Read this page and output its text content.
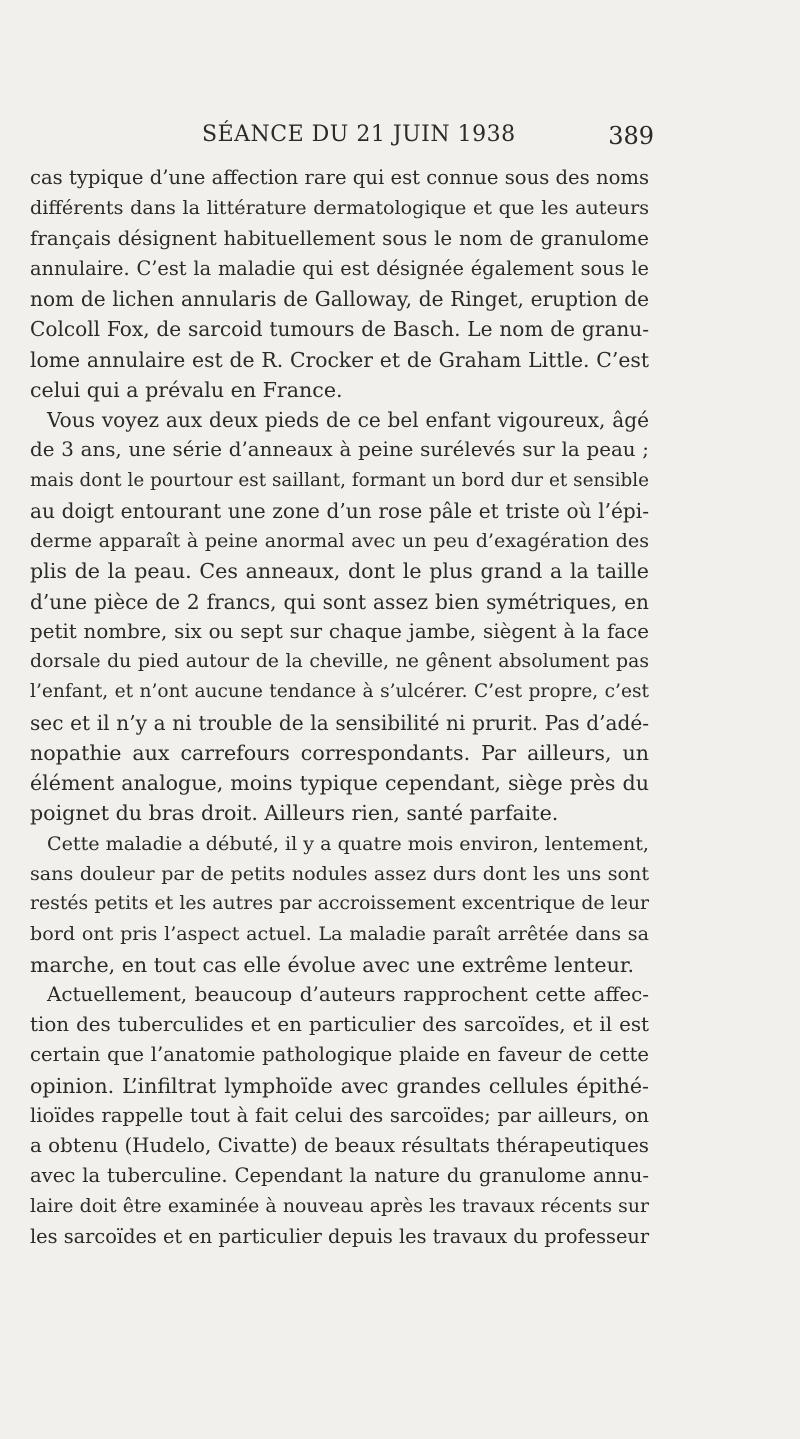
SÉANCE DU 21 JUIN 1938	389
cas typique d’une affection rare qui est connue sous des noms
différents dans la littérature dermatologique et que les auteurs
français désignent habituellement sous le nom de granulome
annulaire. C’est la maladie qui est désignée également sous le
nom de lichen annularis de Galloway, de Ringet, eruption de
Colcoll Fox, de sarcoid tumours de Basch. Le nom de granu-
lome annulaire est de R. Crocker et de Graham Little. C’est
celui qui a prévalu en France.
Vous voyez aux deux pieds de ce bel enfant vigoureux, âgé
de 3 ans, une série d’anneaux à peine surélevés sur la peau ;
mais dont le pourtour est saillant, formant un bord dur et sensible
au doigt entourant une zone d’un rose pâle et triste où l’épi-
derme apparaît à peine anormal avec un peu d’exagération des
plis de la peau. Ces anneaux, dont le plus grand a la taille
d’une pièce de 2 francs, qui sont assez bien symétriques, en
petit nombre, six ou sept sur chaque jambe, siègent à la face
dorsale du pied autour de la cheville, ne gênent absolument pas
l’enfant, et n’ont aucune tendance à s’ulcérer. C’est propre, c’est
sec et il n’y a ni trouble de la sensibilité ni prurit. Pas d’adé-
nopathie aux carrefours correspondants. Par ailleurs, un
élément analogue, moins typique cependant, siège près du
poignet du bras droit. Ailleurs rien, santé parfaite.
Cette maladie a débuté, il y a quatre mois environ, lentement,
sans douleur par de petits nodules assez durs dont les uns sont
restés petits et les autres par accroissement excentrique de leur
bord ont pris l’aspect actuel. La maladie paraît arrêtée dans sa
marche, en tout cas elle évolue avec une extrême lenteur.
Actuellement, beaucoup d’auteurs rapprochent cette affec-
tion des tuberculides et en particulier des sarcoïdes, et il est
certain que l’anatomie pathologique plaide en faveur de cette
opinion. L’infiltrat lymphoïde avec grandes cellules épithé-
lioïdes rappelle tout à fait celui des sarcoïdes; par ailleurs, on
a obtenu (Hudelo, Civatte) de beaux résultats thérapeutiques
avec la tuberculine. Cependant la nature du granulome annu-
laire doit être examinée à nouveau après les travaux récents sur
les sarcoïdes et en particulier depuis les travaux du professeur
